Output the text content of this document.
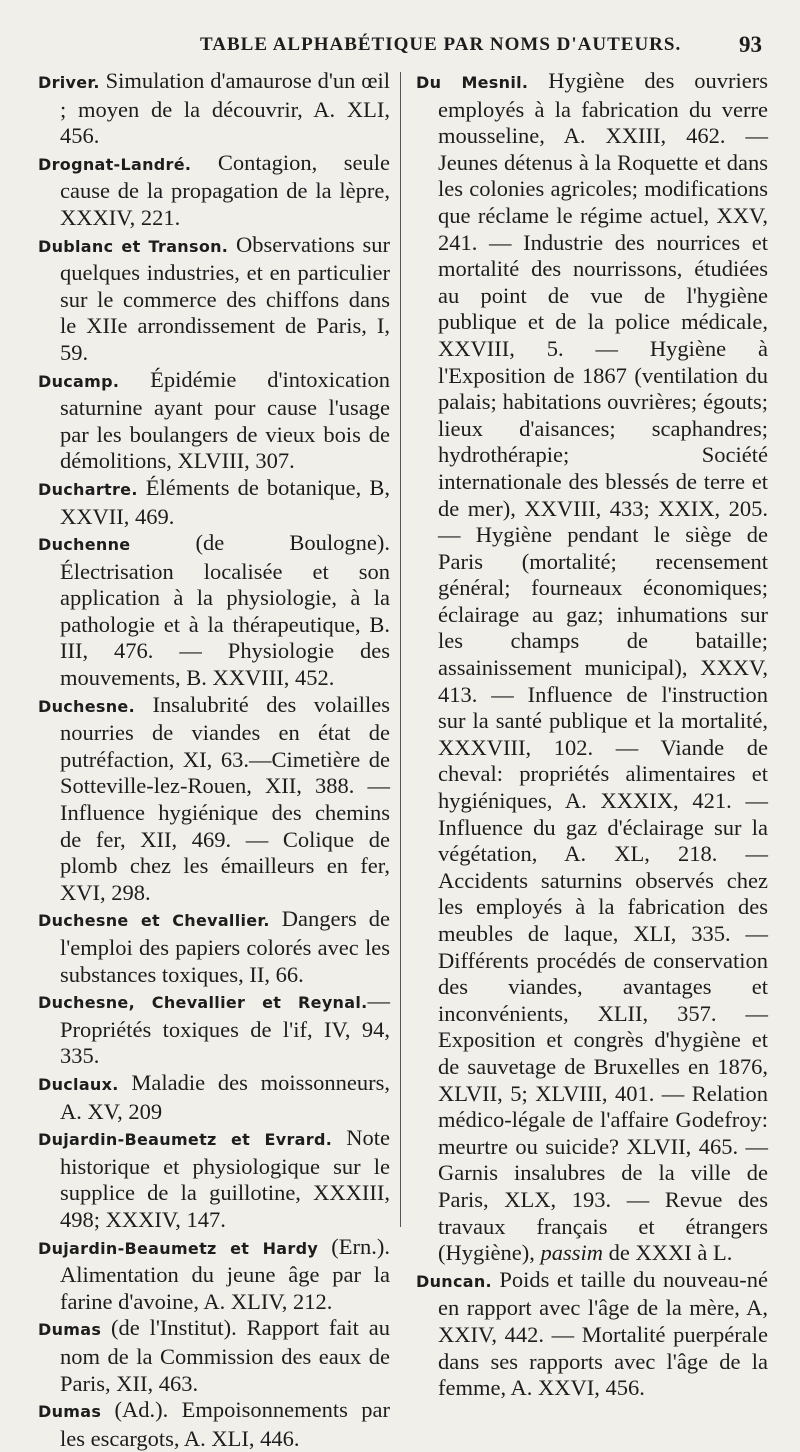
TABLE ALPHABÉTIQUE PAR NOMS D'AUTEURS.	93

Driver. Simulation d'amaurose d'un œil ; moyen de la découvrir, A. XLI, 456.

Drognat-Landré. Contagion, seule cause de la propagation de la lèpre, XXXIV, 221.

Dublanc et Transon. Observations sur quelques industries, et en particulier sur le commerce des chiffons dans le XIIe arrondissement de Paris, I, 59.

Ducamp. Épidémie d'intoxication saturnine ayant pour cause l'usage par les boulangers de vieux bois de démolitions, XLVIII, 307.

Duchartre. Éléments de botanique, B, XXVII, 469.

Duchenne (de Boulogne). Électrisation localisée et son application à la physiologie, à la pathologie et à la thérapeutique, B. III, 476. — Physiologie des mouvements, B. XXVIII, 452.

Duchesne. Insalubrité des volailles nourries de viandes en état de putréfaction, XI, 63.—Cimetière de Sotteville-lez-Rouen, XII, 388. — Influence hygiénique des chemins de fer, XII, 469. — Colique de plomb chez les émailleurs en fer, XVI, 298.

Duchesne et Chevallier. Dangers de l'emploi des papiers colorés avec les substances toxiques, II, 66.

Duchesne, Chevallier et Reynal.— Propriétés toxiques de l'if, IV, 94, 335.

Duclaux. Maladie des moissonneurs, A. XV, 209

Dujardin-Beaumetz et Evrard. Note historique et physiologique sur le supplice de la guillotine, XXXIII, 498; XXXIV, 147.

Dujardin-Beaumetz et Hardy (Ern.). Alimentation du jeune âge par la farine d'avoine, A. XLIV, 212.

Dumas (de l'Institut). Rapport fait au nom de la Commission des eaux de Paris, XII, 463.

Dumas (Ad.). Empoisonnements par les escargots, A. XLI, 446.

Du Mesnil. Hygiène des ouvriers employés à la fabrication du verre mousseline, A. XXIII, 462. — Jeunes détenus à la Roquette et dans les colonies agricoles; modifications que réclame le régime actuel, XXV, 241. — Industrie des nourrices et mortalité des nourrissons, étudiées au point de vue de l'hygiène publique et de la police médicale, XXVIII, 5. — Hygiène à l'Exposition de 1867 (ventilation du palais; habitations ouvrières; égouts; lieux d'aisances; scaphandres; hydrothérapie; Société internationale des blessés de terre et de mer), XXVIII, 433; XXIX, 205. — Hygiène pendant le siège de Paris (mortalité; recensement général; fourneaux économiques; éclairage au gaz; inhumations sur les champs de bataille; assainissement municipal), XXXV, 413. — Influence de l'instruction sur la santé publique et la mortalité, XXXVIII, 102. — Viande de cheval: propriétés alimentaires et hygiéniques, A. XXXIX, 421. — Influence du gaz d'éclairage sur la végétation, A. XL, 218. — Accidents saturnins observés chez les employés à la fabrication des meubles de laque, XLI, 335. — Différents procédés de conservation des viandes, avantages et inconvénients, XLII, 357. — Exposition et congrès d'hygiène et de sauvetage de Bruxelles en 1876, XLVII, 5; XLVIII, 401. — Relation médico-légale de l'affaire Godefroy: meurtre ou suicide? XLVII, 465. — Garnis insalubres de la ville de Paris, XLX, 193. — Revue des travaux français et étrangers (Hygiène), passim de XXXI à L.

Duncan. Poids et taille du nouveau-né en rapport avec l'âge de la mère, A, XXIV, 442. — Mortalité puerpérale dans ses rapports avec l'âge de la femme, A. XXVI, 456.
